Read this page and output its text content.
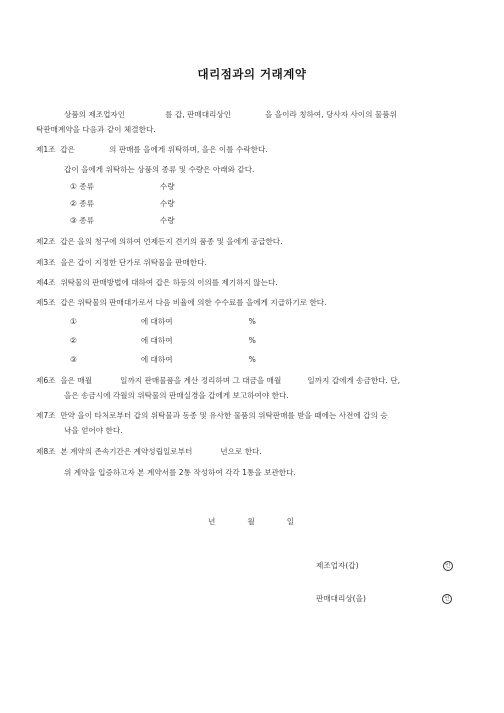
대리점과의 거래계약
상품의 제조업자인	를 갑, 판매대리상인	을 을이라 칭하여, 당사자 사이의 물품위
탁판매계약을 다음과 같이 체결한다.
제1조 갑은	의 판매를 을에게 위탁하며, 을은 이를 수락한다.
갑이 을에게 위탁하는 상품의 종류 및 수량은 아래와 같다.
① 종류	수량
② 종류	수량
③ 종류	수량
제2조 갑은 을의 청구에 의하여 언제든지 견기의 품종 및 을에게 공급한다.
제3조 을은 갑이 지정한 단가로 위탁물을 판매한다.
제4조 위탁물의 판매방법에 대하여 갑은 하등의 이의를 제기하지 않는다.
제5조 갑은 위탁물의 판매대가로서 다음 비율에 의한 수수료를 을에게 지급하기로 한다.
①	에 대하여	%
②	에 대하여	%
③	에 대하여	%
제6조 을은 매월	일까지 판매물품을 계산 정리하며 그 대금을 매월	일까지 갑에게 송금한다. 단,
을은 송금시에 각월의 위탁물의 판매실경을 갑에게 보고하여야 한다.
제7조 만약 을이 타처로부터 갑의 위탁물과 동종 및 유사한 물품의 위탁판매를 받을 때에는 사전에 갑의 승
낙을 얻어야 한다.
제8조 본 계약의 존속기간은 계약성립일로부터	년으로 한다.
위 계약을 입증하고자 본 계약서를 2통 작성하여 각각 1통을 보관한다.
년	월	일
제조업자(갑)	인
판매대리상(을)	인
